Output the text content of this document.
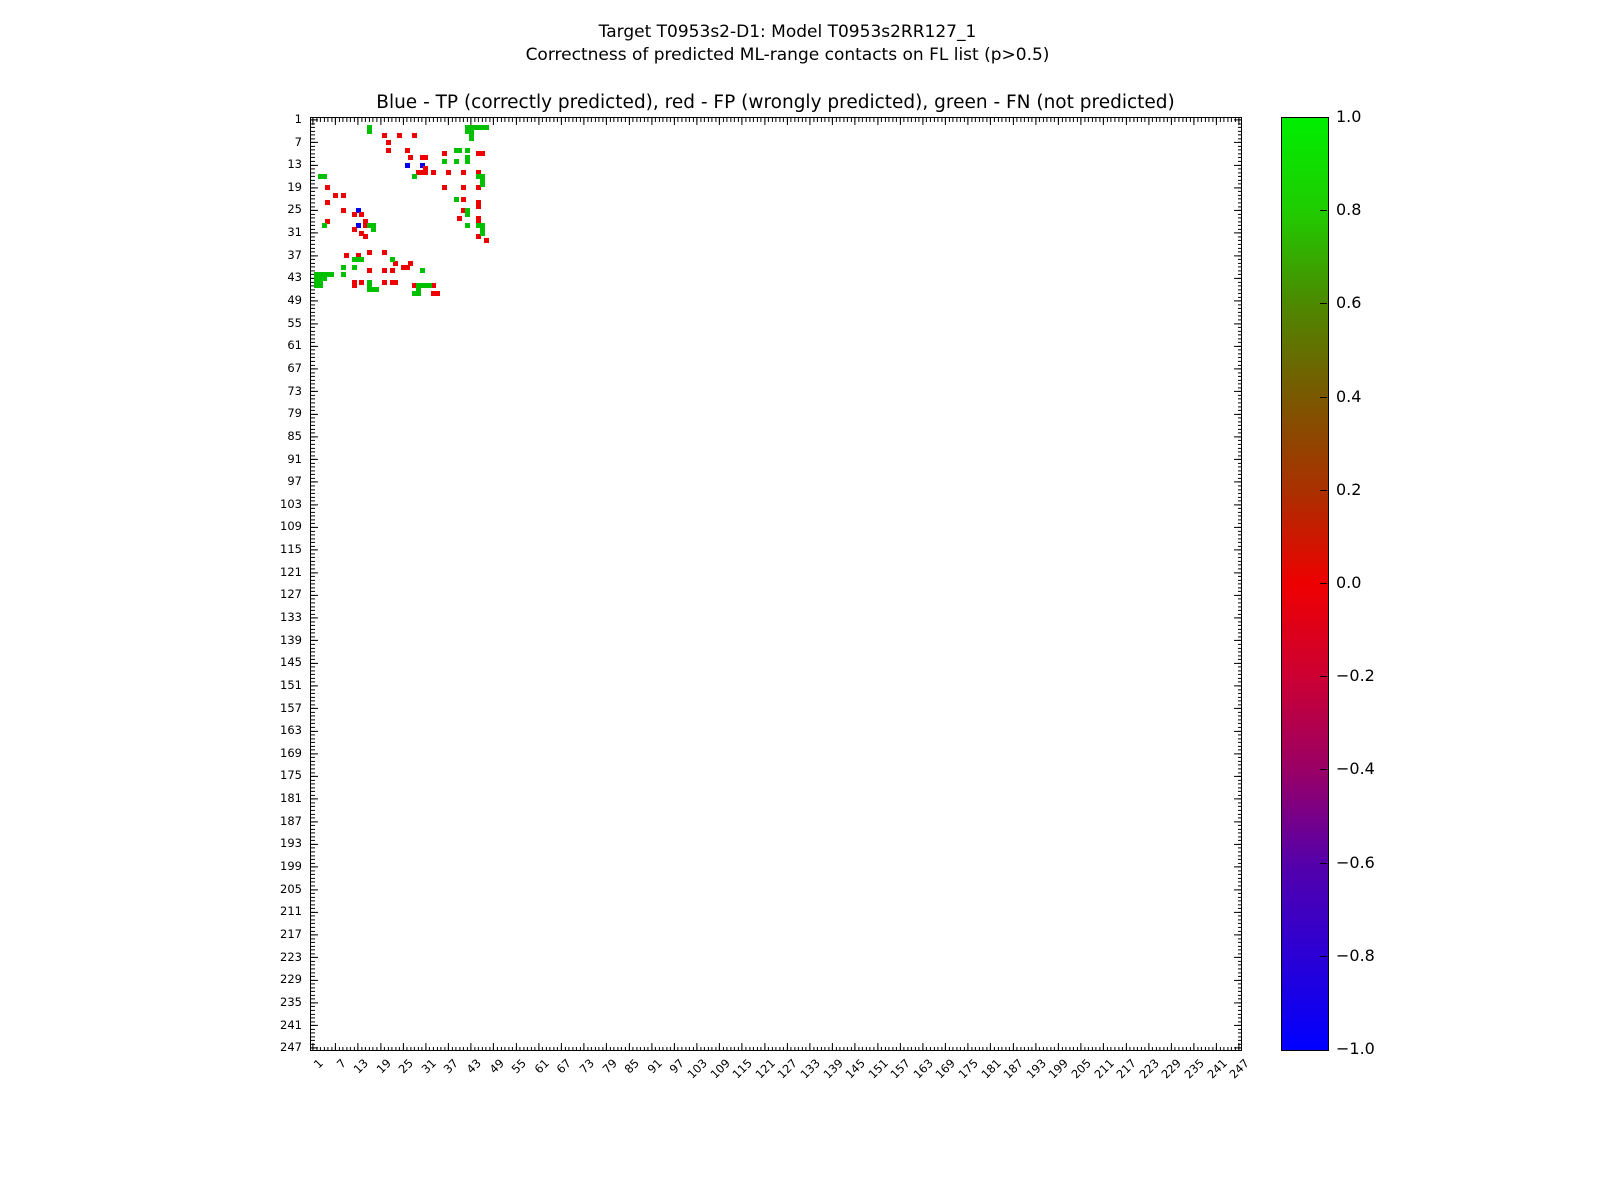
Target T0953s2-D1: Model T0953s2RR127_1
Correctness of predicted ML-range contacts on FL list (p>0.5)
Blue - TP (correctly predicted), red - FP (wrongly predicted), green - FN (not predicted)
1
7
13
19
25
31
37
43
49
55
61
67
73
79
85
91
97
103
109
115
121
127
133
139
145
151
157
163
169
175
181
187
193
199
205
211
217
223
229
235
241
247
1 7 13 19 25 31 37 43 49 55 61 67 73 79 85 91 97
103
109
115
121
127
133
139
145
151
157
163
169
175
181
187
193
199
205
211
217
223
229
235
241
247
1.0
0.8
0.6
0.4
0.2
0.0
−0.2
−0.4
−0.6
−0.8
−1.0
